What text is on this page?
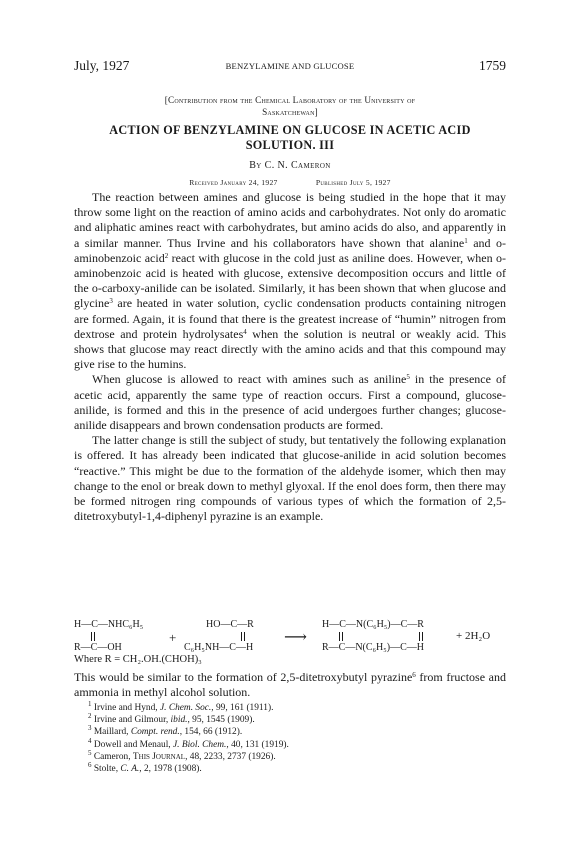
July, 1927	BENZYLAMINE AND GLUCOSE	1759
[Contribution from the Chemical Laboratory of the University of
Saskatchewan]
ACTION OF BENZYLAMINE ON GLUCOSE IN ACETIC ACID
SOLUTION. III
By C. N. Cameron
Received January 24, 1927	Published July 5, 1927

The reaction between amines and glucose is being studied in the hope that it may throw some light on the reaction of amino acids and carbohydrates. Not only do aromatic and aliphatic amines react with carbohydrates, but amino acids do also, and apparently in a similar manner. Thus Irvine and his collaborators have shown that alanine$^1$ and o-aminobenzoic acid$^2$ react with glucose in the cold just as aniline does. However, when o-aminobenzoic acid is heated with glucose, extensive decomposition occurs and little of the o-carboxy-anilide can be isolated. Similarly, it has been shown that when glucose and glycine$^3$ are heated in water solution, cyclic condensation products containing nitrogen are formed. Again, it is found that there is the greatest increase of “humin” nitrogen from dextrose and protein hydrolysates$^4$ when the solution is neutral or weakly acid. This shows that glucose may react directly with the amino acids and that this compound may give rise to the humins.

When glucose is allowed to react with amines such as aniline$^5$ in the presence of acetic acid, apparently the same type of reaction occurs. First a compound, glucose-anilide, is formed and this in the presence of acid undergoes further changes; glucose-anilide disappears and brown condensation products are formed.

The latter change is still the subject of study, but tentatively the following explanation is offered. It has already been indicated that glucose-anilide in acid solution becomes “reactive.” This might be due to the formation of the aldehyde isomer, which then may change to the enol or break down to methyl glyoxal. If the enol does form, then there may be formed nitrogen ring compounds of various types of which the formation of 2,5-ditetroxybutyl-1,4-diphenyl pyrazine is an example.

H—C—NHC₆H₅
R—C—OH
+
HO—C—R
C₆H₅NH—C—H
⟶
H—C—N(C₆H₅)—C—R
R—C—N(C₆H₅)—C—H
+ 2H₂O
Where R = CH₂.OH.(CHOH)₃
This would be similar to the formation of 2,5-ditetroxybutyl pyrazine$^6$ from fructose and ammonia in methyl alcohol solution.
$^1$ Irvine and Hynd, J. Chem. Soc., 99, 161 (1911).
$^2$ Irvine and Gilmour, ibid., 95, 1545 (1909).
$^3$ Maillard, Compt. rend., 154, 66 (1912).
$^4$ Dowell and Menaul, J. Biol. Chem., 40, 131 (1919).
$^5$ Cameron, This Journal, 48, 2233, 2737 (1926).
$^6$ Stolte, C. A., 2, 1978 (1908).
